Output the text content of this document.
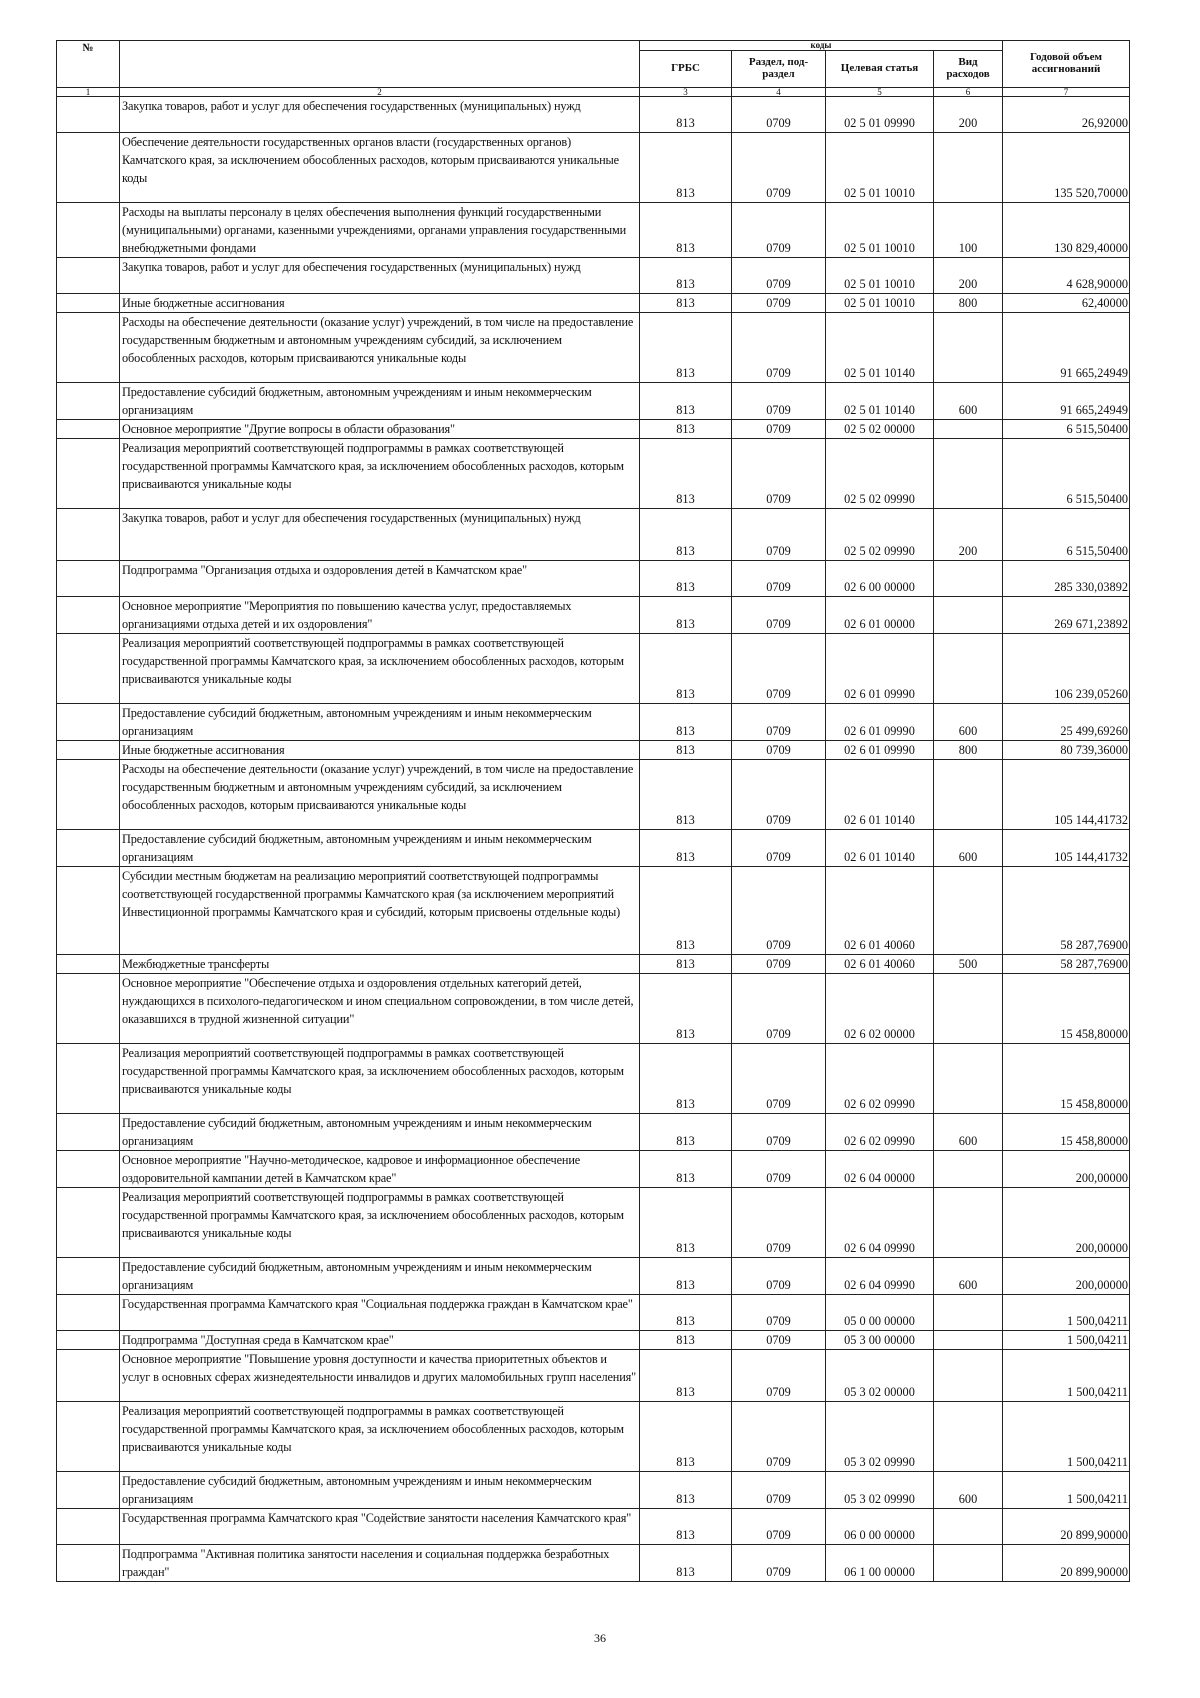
№		коды				Годовой объем ассигнований
		ГРБС	Раздел, под-раздел	Целевая статья	Вид расходов	
1	2	3	4	5	6	7
	Закупка товаров, работ и услуг для обеспечения государственных (муниципальных) нужд	813	0709	02 5 01 09990	200	26,92000
	Обеспечение деятельности государственных органов власти (государственных органов) Камчатского края, за исключением обособленных расходов, которым присваиваются уникальные коды	813	0709	02 5 01 10010		135 520,70000
	Расходы на выплаты персоналу в целях обеспечения выполнения функций государственными (муниципальными) органами, казенными учреждениями, органами управления государственными внебюджетными фондами	813	0709	02 5 01 10010	100	130 829,40000
	Закупка товаров, работ и услуг для обеспечения государственных (муниципальных) нужд	813	0709	02 5 01 10010	200	4 628,90000
	Иные бюджетные ассигнования	813	0709	02 5 01 10010	800	62,40000
	Расходы на обеспечение деятельности (оказание услуг) учреждений, в том числе на предоставление государственным бюджетным и автономным учреждениям субсидий, за исключением обособленных расходов, которым присваиваются уникальные коды	813	0709	02 5 01 10140		91 665,24949
	Предоставление субсидий бюджетным, автономным учреждениям и иным некоммерческим организациям	813	0709	02 5 01 10140	600	91 665,24949
	Основное мероприятие "Другие вопросы в области образования"	813	0709	02 5 02 00000		6 515,50400
	Реализация мероприятий соответствующей подпрограммы в рамках соответствующей государственной программы Камчатского края, за исключением обособленных расходов, которым присваиваются уникальные коды	813	0709	02 5 02 09990		6 515,50400
	Закупка товаров, работ и услуг для обеспечения государственных (муниципальных) нужд	813	0709	02 5 02 09990	200	6 515,50400
	Подпрограмма "Организация отдыха и оздоровления детей в Камчатском крае"	813	0709	02 6 00 00000		285 330,03892
	Основное мероприятие "Мероприятия по повышению качества услуг, предоставляемых организациями отдыха детей и их оздоровления"	813	0709	02 6 01 00000		269 671,23892
	Реализация мероприятий соответствующей подпрограммы в рамках соответствующей государственной программы Камчатского края, за исключением обособленных расходов, которым присваиваются уникальные коды	813	0709	02 6 01 09990		106 239,05260
	Предоставление субсидий бюджетным, автономным учреждениям и иным некоммерческим организациям	813	0709	02 6 01 09990	600	25 499,69260
	Иные бюджетные ассигнования	813	0709	02 6 01 09990	800	80 739,36000
	Расходы на обеспечение деятельности (оказание услуг) учреждений, в том числе на предоставление государственным бюджетным и автономным учреждениям субсидий, за исключением обособленных расходов, которым присваиваются уникальные коды	813	0709	02 6 01 10140		105 144,41732
	Предоставление субсидий бюджетным, автономным учреждениям и иным некоммерческим организациям	813	0709	02 6 01 10140	600	105 144,41732
	Субсидии местным бюджетам на реализацию мероприятий соответствующей подпрограммы соответствующей государственной программы Камчатского края (за исключением мероприятий Инвестиционной программы Камчатского края и субсидий, которым присвоены отдельные коды)	813	0709	02 6 01 40060		58 287,76900
	Межбюджетные трансферты	813	0709	02 6 01 40060	500	58 287,76900
	Основное мероприятие "Обеспечение отдыха и оздоровления отдельных категорий детей, нуждающихся в психолого-педагогическом и ином специальном сопровождении, в том числе детей, оказавшихся в трудной жизненной ситуации"	813	0709	02 6 02 00000		15 458,80000
	Реализация мероприятий соответствующей подпрограммы в рамках соответствующей государственной программы Камчатского края, за исключением обособленных расходов, которым присваиваются уникальные коды	813	0709	02 6 02 09990		15 458,80000
	Предоставление субсидий бюджетным, автономным учреждениям и иным некоммерческим организациям	813	0709	02 6 02 09990	600	15 458,80000
	Основное мероприятие "Научно-методическое, кадровое и информационное обеспечение оздоровительной кампании детей в Камчатском крае"	813	0709	02 6 04 00000		200,00000
	Реализация мероприятий соответствующей подпрограммы в рамках соответствующей государственной программы Камчатского края, за исключением обособленных расходов, которым присваиваются уникальные коды	813	0709	02 6 04 09990		200,00000
	Предоставление субсидий бюджетным, автономным учреждениям и иным некоммерческим организациям	813	0709	02 6 04 09990	600	200,00000
	Государственная программа Камчатского края "Социальная поддержка граждан в Камчатском крае"	813	0709	05 0 00 00000		1 500,04211
	Подпрограмма "Доступная среда в Камчатском крае"	813	0709	05 3 00 00000		1 500,04211
	Основное мероприятие "Повышение уровня доступности и качества приоритетных объектов и услуг в основных сферах жизнедеятельности инвалидов и других маломобильных групп населения"	813	0709	05 3 02 00000		1 500,04211
	Реализация мероприятий соответствующей подпрограммы в рамках соответствующей государственной программы Камчатского края, за исключением обособленных расходов, которым присваиваются уникальные коды	813	0709	05 3 02 09990		1 500,04211
	Предоставление субсидий бюджетным, автономным учреждениям и иным некоммерческим организациям	813	0709	05 3 02 09990	600	1 500,04211
	Государственная программа Камчатского края "Содействие занятости населения Камчатского края"	813	0709	06 0 00 00000		20 899,90000
	Подпрограмма "Активная политика занятости населения и социальная поддержка безработных граждан"	813	0709	06 1 00 00000		20 899,90000
36
